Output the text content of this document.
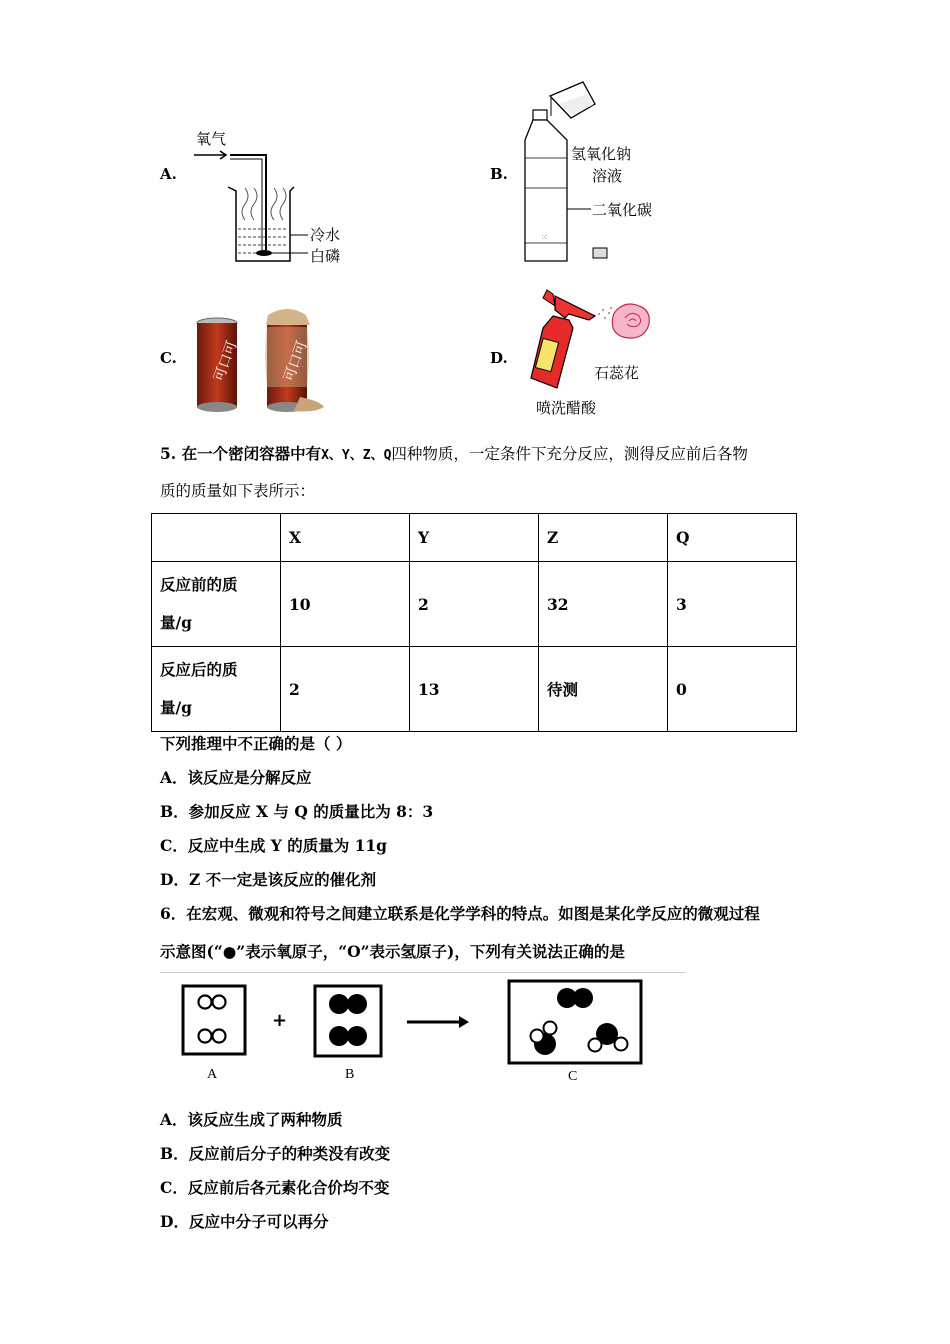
A.
氧气
冷水
白磷
B.
⁙
氢氧化钠
溶液
二氧化碳
C. 可口可	可口可	D.
石蕊花
喷洗醋酸
5. 在一个密闭容器中有X、Y、Z、Q四种物质，一定条件下充分反应，测得反应前后各物
质的质量如下表所示：
	X	Y	Z	Q

反应前的质
量/g	10	2	32	3

反应后的质
量/g	2	13	待测	0
下列推理中不正确的是（ ）
A．该反应是分解反应
B．参加反应 X 与 Q 的质量比为 8：3
C．反应中生成 Y 的质量为 11g
D．Z 不一定是该反应的催化剂
6．在宏观、微观和符号之间建立联系是化学学科的特点。如图是某化学反应的微观过程
示意图(“●”表示氧原子，“O”表示氢原子)，下列有关说法正确的是
+
A	B	C
A．该反应生成了两种物质
B．反应前后分子的种类没有改变
C．反应前后各元素化合价均不变
D．反应中分子可以再分
